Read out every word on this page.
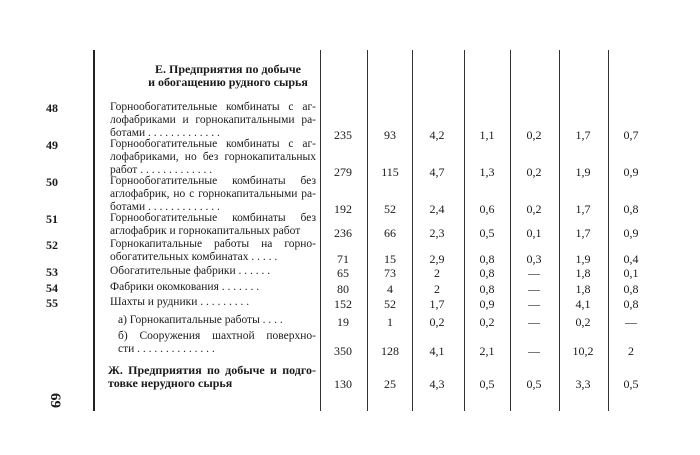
Е. Предприятия по добыче
и обогащению рудного сырья
48	Горнообогатительные комбинаты с аг-
лофабриками и горнокапитальными ра-
ботами . . . . . . . . . . . . .	235	93	4,2	1,1	0,2	1,7	0,7
49	Горнообогатительные комбинаты с аг-
лофабриками, но без горнокапитальных
работ . . . . . . . . . . . . .	279	115	4,7	1,3	0,2	1,9	0,9
50	Горнообогатительные комбинаты без
аглофабрик, но с горнокапитальными ра-
ботами . . . . . . . . . . . . .	192	52	2,4	0,6	0,2	1,7	0,8
51	Горнообогатительные комбинаты без
аглофабрик и горнокапитальных работ	236	66	2,3	0,5	0,1	1,7	0,9
52	Горнокапитальные работы на горно-
обогатительных комбинатах . . . . .	71	15	2,9	0,8	0,3	1,9	0,4
53	Обогатительные фабрики . . . . . .	65	73	2	0,8	—	1,8	0,1
54	Фабрики окомкования . . . . . . .	80	4	2	0,8	—	1,8	0,8
55	Шахты и рудники . . . . . . . . .	152	52	1,7	0,9	—	4,1	0,8
а) Горнокапитальные работы . . . .	19	1	0,2	0,2	—	0,2	—
б) Сооружения шахтной поверхно-
сти . . . . . . . . . . . . . .	350	128	4,1	2,1	—	10,2	2
Ж. Предприятия по добыче и подго-
товке нерудного сырья	130	25	4,3	0,5	0,5	3,3	0,5
69
